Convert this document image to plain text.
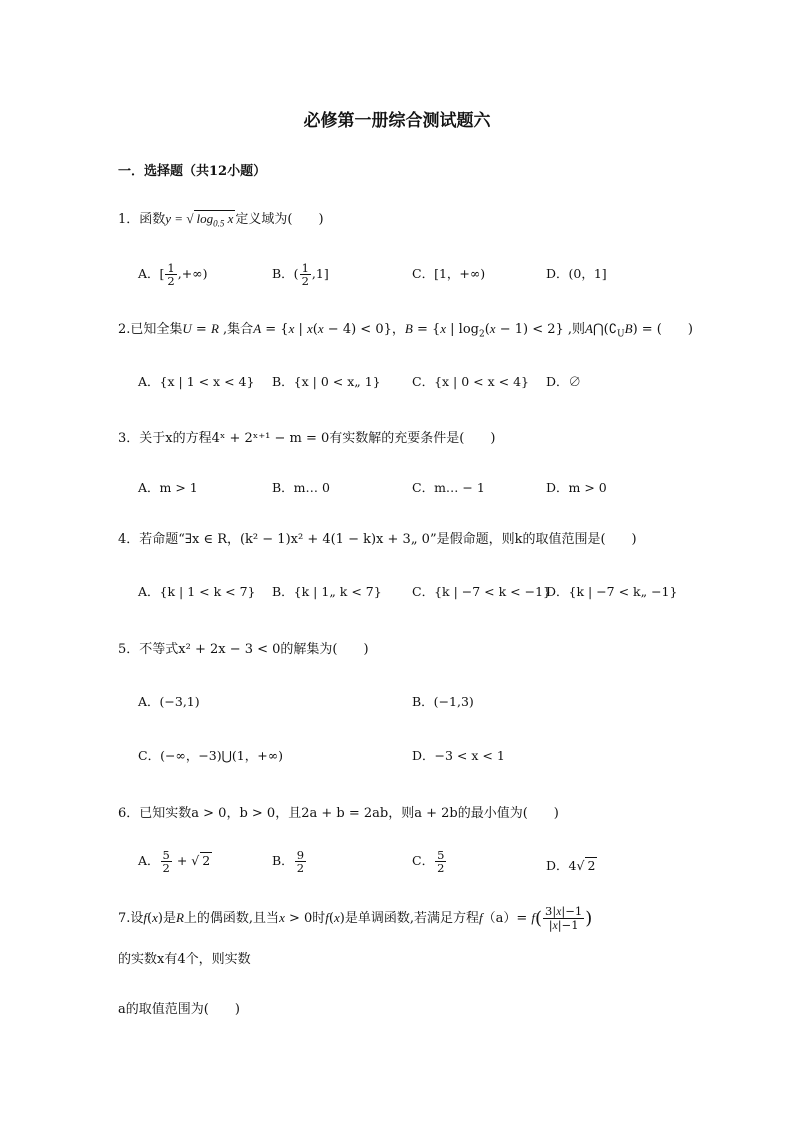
必修第一册综合测试题六
一．选择题（共12小题）
1．函数y = √ $\log_{0.5} x$ 定义域为(　　)
A．[ $\frac{1}{2}$ ,+∞)	B．( $\frac{1}{2} ,1$]	C．[1，+∞)	D．(0，1]
2.已知全集U = R ,集合A = {x | x(x − 4) < 0}，B = {x | $\log_2(x - 1) < 2$} ,则$A⋂(∁_UB)$ = (　　)
A．{x | 1 < x < 4} B．{x | 0 < x„ 1}	C．{x | 0 < x < 4} D．∅
3．关于x的方程4ˣ + 2ˣ⁺¹ − m = 0有实数解的充要条件是(　　)
A．m > 1	B．m… 0	C．m… − 1	D．m > 0
4．若命题“∃x ∈ R，(k² − 1)x² + 4(1 − k)x + 3„ 0”是假命题，则k的取值范围是(　　)
A．{k | 1 < k < 7} B．{k | 1„ k < 7} C．{k | −7 < k < −1}
D．{k | −7 < k„ −1}
5．不等式x² + 2x − 3 < 0的解集为(　　)
A．(−3,1)	B．(−1,3)
C．(−∞，−3)⋃(1，+∞)	D．−3 < x < 1
6．已知实数a > 0，b > 0，且2a + b = 2ab，则a + 2b的最小值为(　　)
A． $\frac{5}{2}$ + √ 2	B． $\frac{9}{2}$	C． $\frac{5}{2}$	D．4√ 2
7.设f(x)是R上的偶函数,且当x > 0时f(x)是单调函数,若满足方程$f(a)= f( \frac{3|x|-1}{|x|-1}$ )
的实数x有4个，则实数
a的取值范围为(　　)
